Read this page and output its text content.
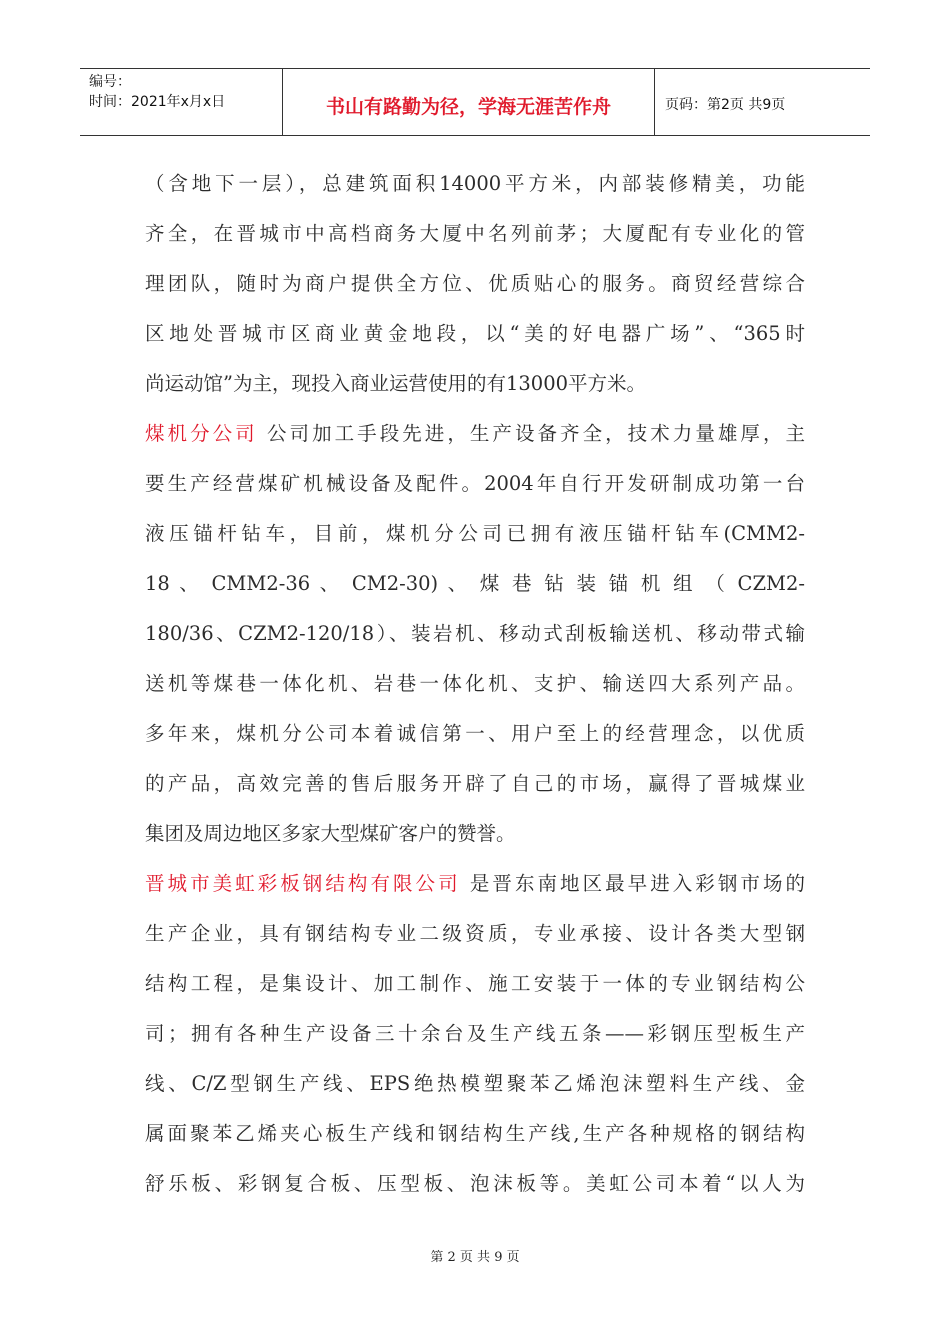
编号：
时间：2021年x月x日	书山有路勤为径，学海无涯苦作舟	页码：第2页 共9页
（含地下一层），总建筑面积14000平方米，内部装修精美，功能
齐全，在晋城市中高档商务大厦中名列前茅；大厦配有专业化的管
理团队，随时为商户提供全方位、优质贴心的服务。商贸经营综合
区地处晋城市区商业黄金地段，以“美的好电器广场”、“365时
尚运动馆”为主，现投入商业运营使用的有13000平方米。
煤机分公司 公司加工手段先进，生产设备齐全，技术力量雄厚，主
要生产经营煤矿机械设备及配件。2004年自行开发研制成功第一台
液压锚杆钻车，目前，煤机分公司已拥有液压锚杆钻车(CMM2-
18 、 CMM2-36 、 CM2-30) 、 煤 巷 钻 装 锚 机 组 （ CZM2-
180/36、CZM2-120/18）、装岩机、移动式刮板输送机、移动带式输
送机等煤巷一体化机、岩巷一体化机、支护、输送四大系列产品。
多年来，煤机分公司本着诚信第一、用户至上的经营理念，以优质
的产品，高效完善的售后服务开辟了自己的市场，赢得了晋城煤业
集团及周边地区多家大型煤矿客户的赞誉。
晋城市美虹彩板钢结构有限公司 是晋东南地区最早进入彩钢市场的
生产企业，具有钢结构专业二级资质，专业承接、设计各类大型钢
结构工程，是集设计、加工制作、施工安装于一体的专业钢结构公
司；拥有各种生产设备三十余台及生产线五条——彩钢压型板生产
线、C/Z型钢生产线、EPS绝热模塑聚苯乙烯泡沫塑料生产线、金
属面聚苯乙烯夹心板生产线和钢结构生产线,生产各种规格的钢结构
舒乐板、彩钢复合板、压型板、泡沫板等。美虹公司本着“以人为
第 2 页 共 9 页
